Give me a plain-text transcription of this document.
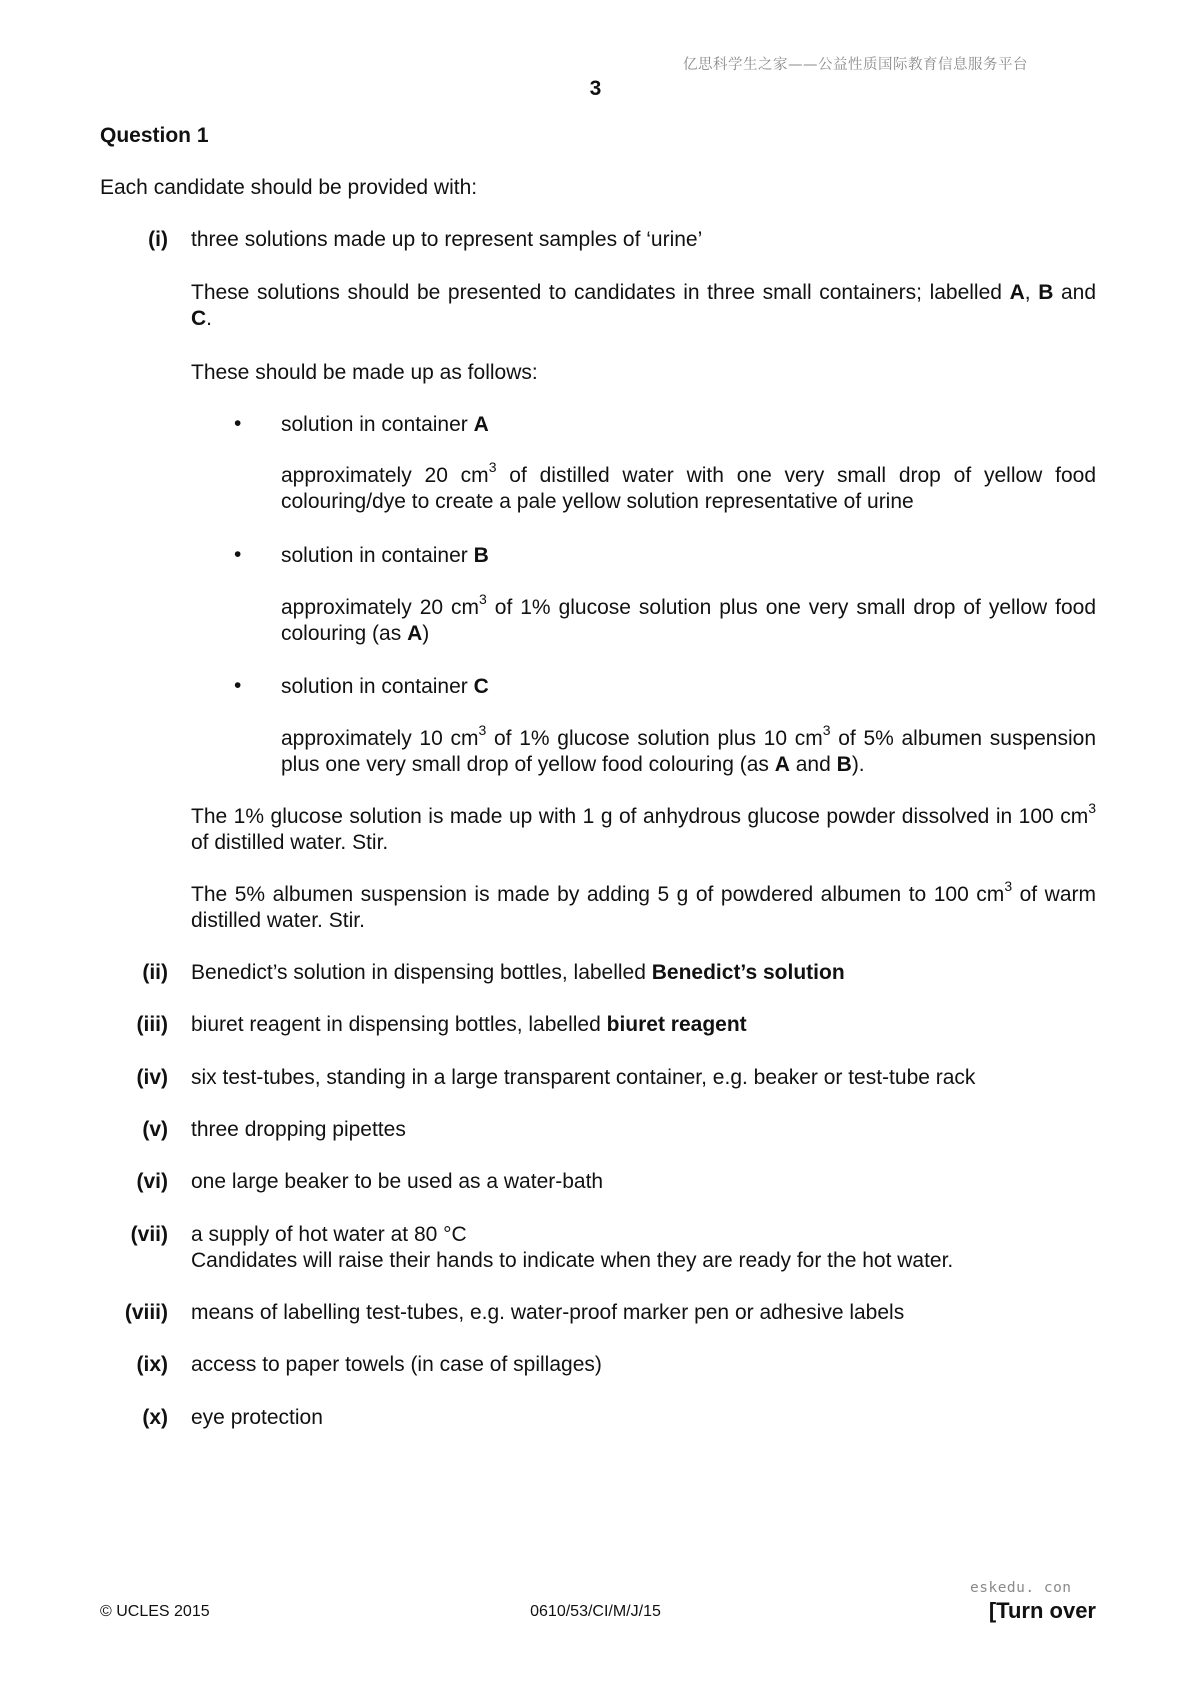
亿思科学生之家——公益性质国际教育信息服务平台
3
Question 1
Each candidate should be provided with:
(i) three solutions made up to represent samples of ‘urine’
These solutions should be presented to candidates in three small containers; labelled A, B and C.
These should be made up as follows:
• solution in container A
approximately 20 $cm^3$ of distilled water with one very small drop of yellow food colouring/dye to create a pale yellow solution representative of urine
• solution in container B
approximately 20 $cm^3$ of 1% glucose solution plus one very small drop of yellow food colouring (as A)
• solution in container C
approximately 10 $cm^3$ of 1% glucose solution plus 10 $cm^3$ of 5% albumen suspension plus one very small drop of yellow food colouring (as A and B).
The 1% glucose solution is made up with 1 g of anhydrous glucose powder dissolved in 100 $cm^3$ of distilled water. Stir.
The 5% albumen suspension is made by adding 5 g of powdered albumen to 100 $cm^3$ of warm distilled water. Stir.
(ii) Benedict’s solution in dispensing bottles, labelled Benedict’s solution
(iii) biuret reagent in dispensing bottles, labelled biuret reagent
(iv) six test-tubes, standing in a large transparent container, e.g. beaker or test-tube rack
(v) three dropping pipettes
(vi) one large beaker to be used as a water-bath
(vii) a supply of hot water at 80 °C
Candidates will raise their hands to indicate when they are ready for the hot water.
(viii) means of labelling test-tubes, e.g. water-proof marker pen or adhesive labels
(ix) access to paper towels (in case of spillages)
(x) eye protection
eskedu. con
© UCLES 2015	0610/53/CI/M/J/15	[Turn over
